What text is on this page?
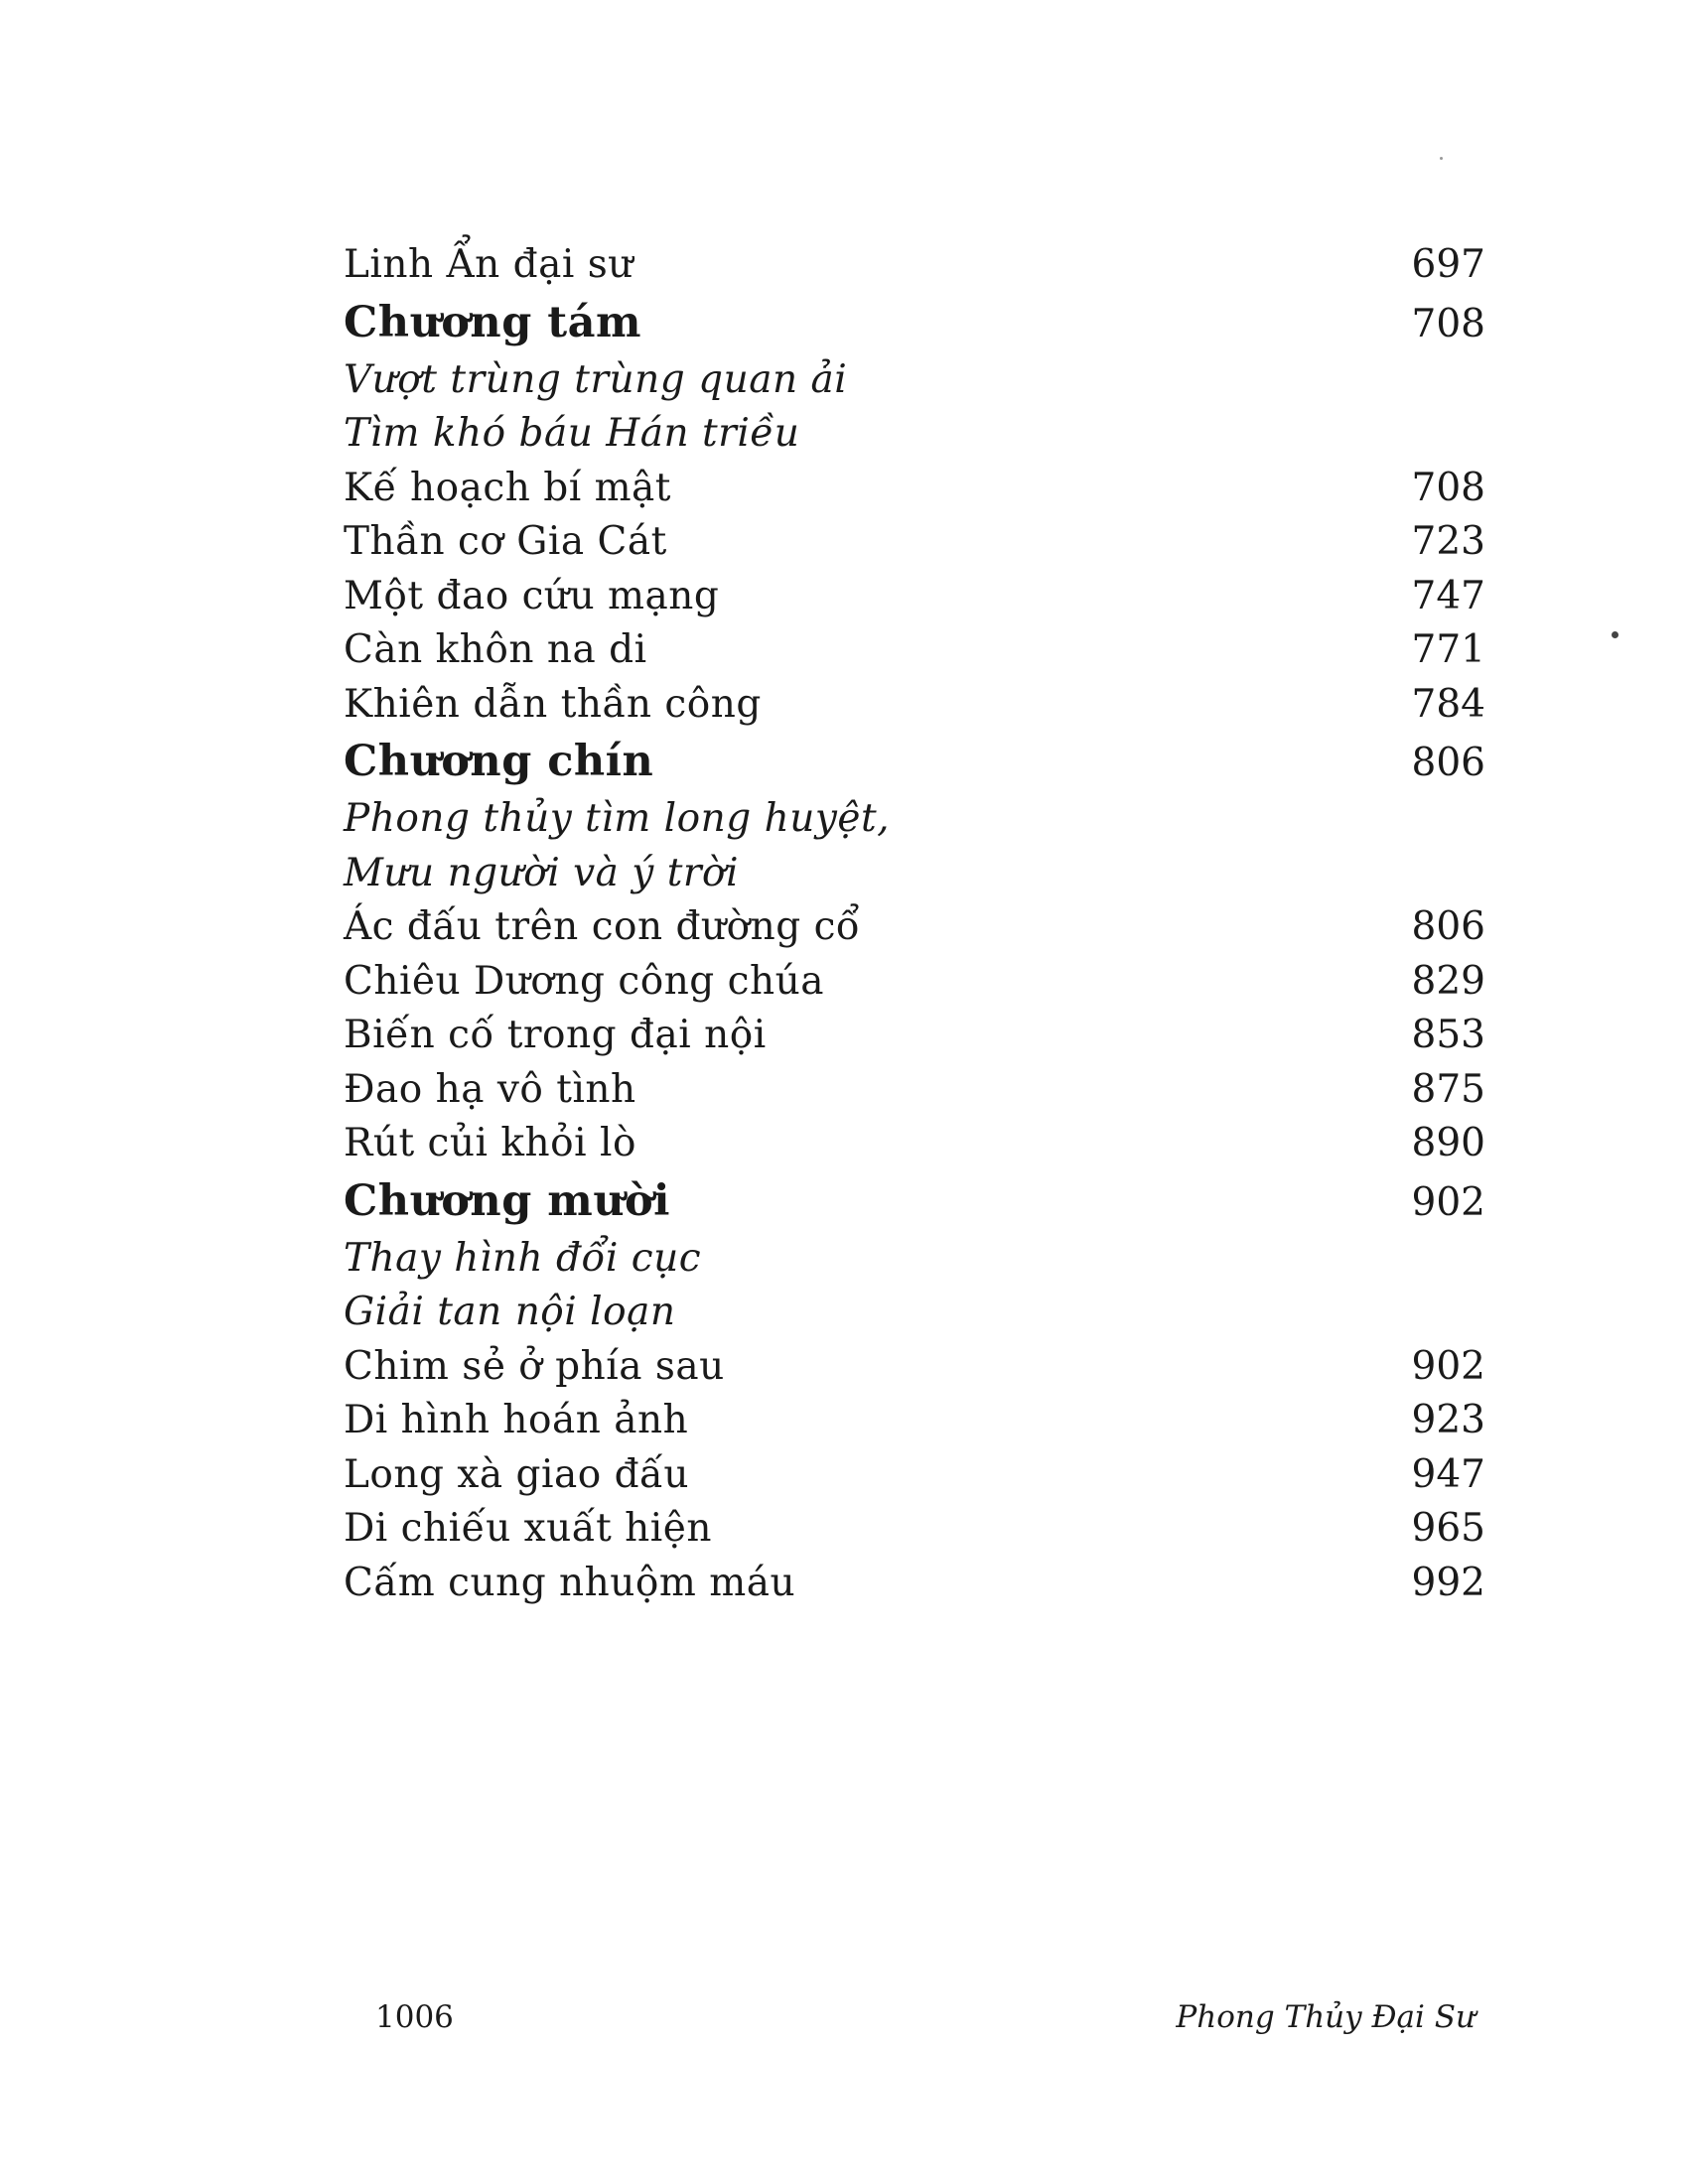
Linh Ẩn đại sư	697
Chương tám	708
Vượt trùng trùng quan ải
Tìm khó báu Hán triều
Kế hoạch bí mật	708
Thần cơ Gia Cát	723
Một đao cứu mạng	747
Càn khôn na di	771
Khiên dẫn thần công	784
Chương chín	806
Phong thủy tìm long huyệt,
Mưu người và ý trời
Ác đấu trên con đường cổ	806
Chiêu Dương công chúa	829
Biến cố trong đại nội	853
Đao hạ vô tình	875
Rút củi khỏi lò	890
Chương mười	902
Thay hình đổi cục
Giải tan nội loạn
Chim sẻ ở phía sau	902
Di hình hoán ảnh	923
Long xà giao đấu	947
Di chiếu xuất hiện	965
Cấm cung nhuộm máu	992
1006	Phong Thủy Đại Sư
